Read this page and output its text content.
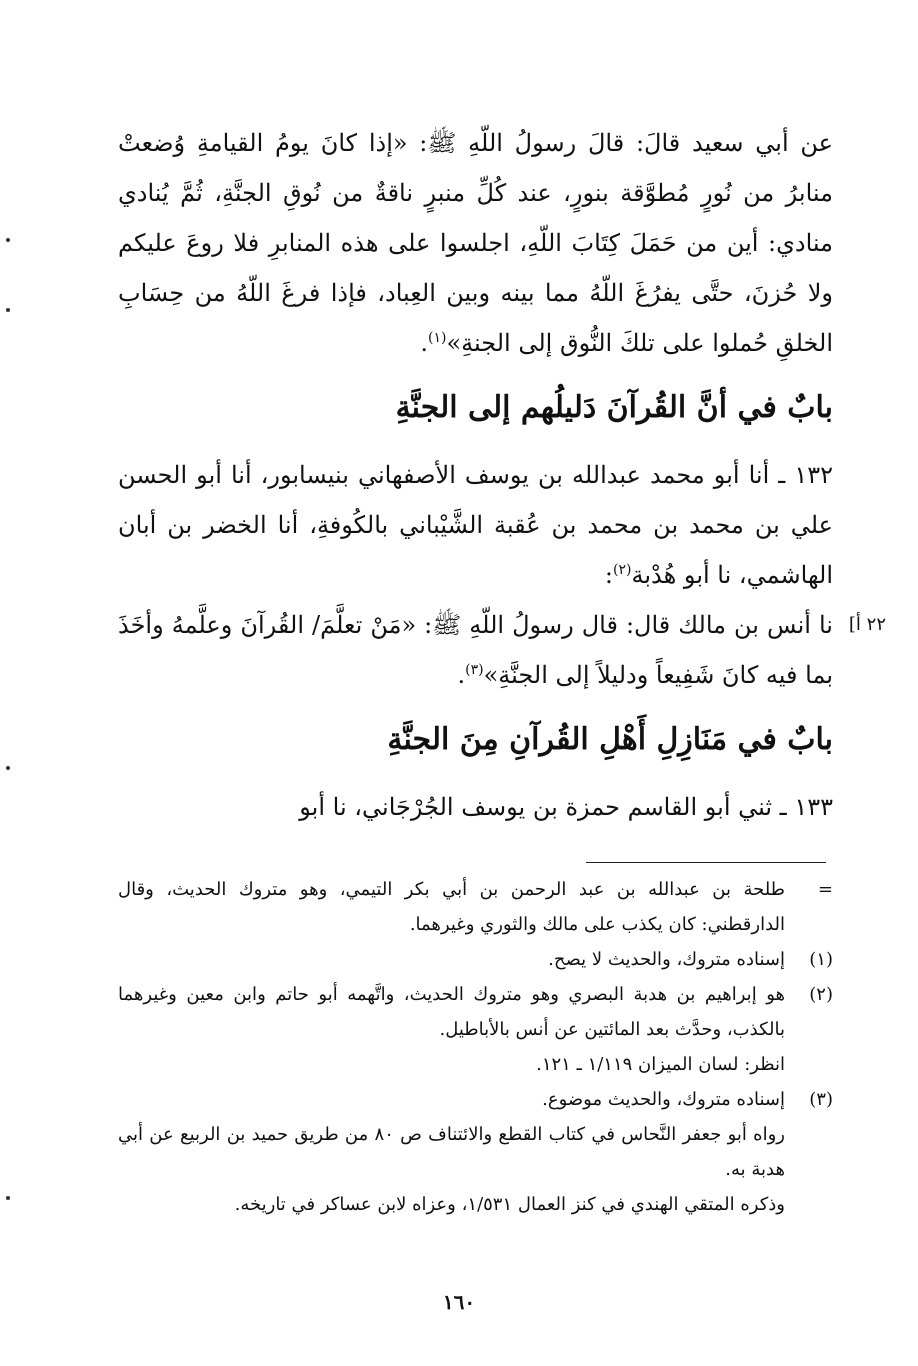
عن أبي سعيد قالَ: قالَ رسولُ اللّهِ ﷺ: «إذا كانَ يومُ القيامةِ وُضعتْ منابرُ من نُورٍ مُطوَّقة بنورٍ، عند كُلِّ منبرٍ ناقةٌ من نُوقِ الجنَّةِ، ثُمَّ يُنادي منادي: أين من حَمَلَ كِتَابَ اللّهِ، اجلسوا على هذه المنابرِ فلا روعَ عليكم ولا حُزنَ، حتَّى يفرُغَ اللّهُ مما بينه وبين العِباد، فإذا فرغَ اللّهُ من حِسَابِ الخلقِ حُملوا على تلكَ النُّوق إلى الجنةِ»$^{(١)}$.

بابٌ في أنَّ القُرآنَ دَليلُهم إلى الجنَّةِ

١٣٢ ـ أنا أبو محمد عبدالله بن يوسف الأصفهاني بنيسابور، أنا أبو الحسن علي بن محمد بن محمد بن عُقبة الشَّيْباني بالكُوفةِ، أنا الخضر بن أبان الهاشمي، نا أبو هُدْبة$^{(٢)}$:

نا أنس بن مالك قال: قال رسولُ اللّهِ ﷺ: «مَنْ تعلَّمَ/ القُرآنَ وعلَّمهُ وأخَذَ بما فيه كانَ شَفِيعاً ودليلاً إلى الجنَّةِ»$^{(٣)}$.

بابٌ في مَنَازِلِ أَهْلِ القُرآنِ مِنَ الجنَّةِ

١٣٣ ـ ثني أبو القاسم حمزة بن يوسف الجُرْجَاني، نا أبو

٢٢ أ]

=
طلحة بن عبدالله بن عبد الرحمن بن أبي بكر التيمي، وهو متروك الحديث، وقال الدارقطني: كان يكذب على مالك والثوري وغيرهما.

(١)
إسناده متروك، والحديث لا يصح.

(٢)
هو إبراهيم بن هدبة البصري وهو متروك الحديث، واتَّهمه أبو حاتم وابن معين وغيرهما بالكذب، وحدَّث بعد المائتين عن أنس بالأباطيل.

انظر: لسان الميزان ١/١١٩ ـ ١٢١.

(٣)
إسناده متروك، والحديث موضوع.

رواه أبو جعفر النَّحاس في كتاب القطع والائتناف ص ٨٠ من طريق حميد بن الربيع عن أبي هدبة به.

وذكره المتقي الهندي في كنز العمال ١/٥٣١، وعزاه لابن عساكر في تاريخه.

١٦٠
